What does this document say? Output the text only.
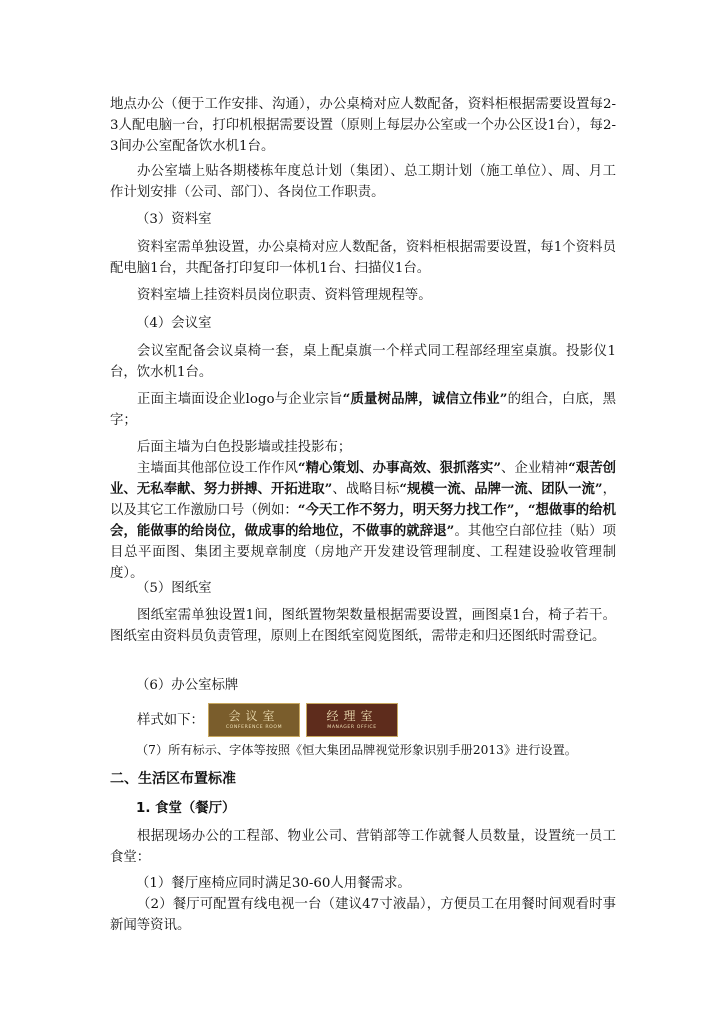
地点办公（便于工作安排、沟通），办公桌椅对应人数配备，资料柜根据需要设置每2-3人配电脑一台，打印机根据需要设置（原则上每层办公室或一个办公区设1台），每2-3间办公室配备饮水机1台。

办公室墙上贴各期楼栋年度总计划（集团）、总工期计划（施工单位）、周、月工作计划安排（公司、部门）、各岗位工作职责。

（3）资料室

资料室需单独设置，办公桌椅对应人数配备，资料柜根据需要设置，每1个资料员配电脑1台，共配备打印复印一体机1台、扫描仪1台。

资料室墙上挂资料员岗位职责、资料管理规程等。

（4）会议室

会议室配备会议桌椅一套，桌上配桌旗一个样式同工程部经理室桌旗。投影仪1台，饮水机1台。

正面主墙面设企业logo与企业宗旨“质量树品牌，诚信立伟业”的组合，白底，黑字；

后面主墙为白色投影墙或挂投影布；

主墙面其他部位设工作作风“精心策划、办事高效、狠抓落实”、企业精神“艰苦创业、无私奉献、努力拼搏、开拓进取”、战略目标“规模一流、品牌一流、团队一流”，以及其它工作激励口号（例如：“今天工作不努力，明天努力找工作”，“想做事的给机会，能做事的给岗位，做成事的给地位，不做事的就辞退”。其他空白部位挂（贴）项目总平面图、集团主要规章制度（房地产开发建设管理制度、工程建设验收管理制度）。

（5）图纸室

图纸室需单独设置1间，图纸置物架数量根据需要设置，画图桌1台，椅子若干。图纸室由资料员负责管理，原则上在图纸室阅览图纸，需带走和归还图纸时需登记。

（6）办公室标牌

样式如下：	会议室
CONFERENCE ROOM
经理室
MANAGER OFFICE

（7）所有标示、字体等按照《恒大集团品牌视觉形象识别手册2013》进行设置。

二、生活区布置标准

1. 食堂（餐厅）

根据现场办公的工程部、物业公司、营销部等工作就餐人员数量，设置统一员工食堂：

（1）餐厅座椅应同时满足30-60人用餐需求。

（2）餐厅可配置有线电视一台（建议47寸液晶），方便员工在用餐时间观看时事新闻等资讯。
